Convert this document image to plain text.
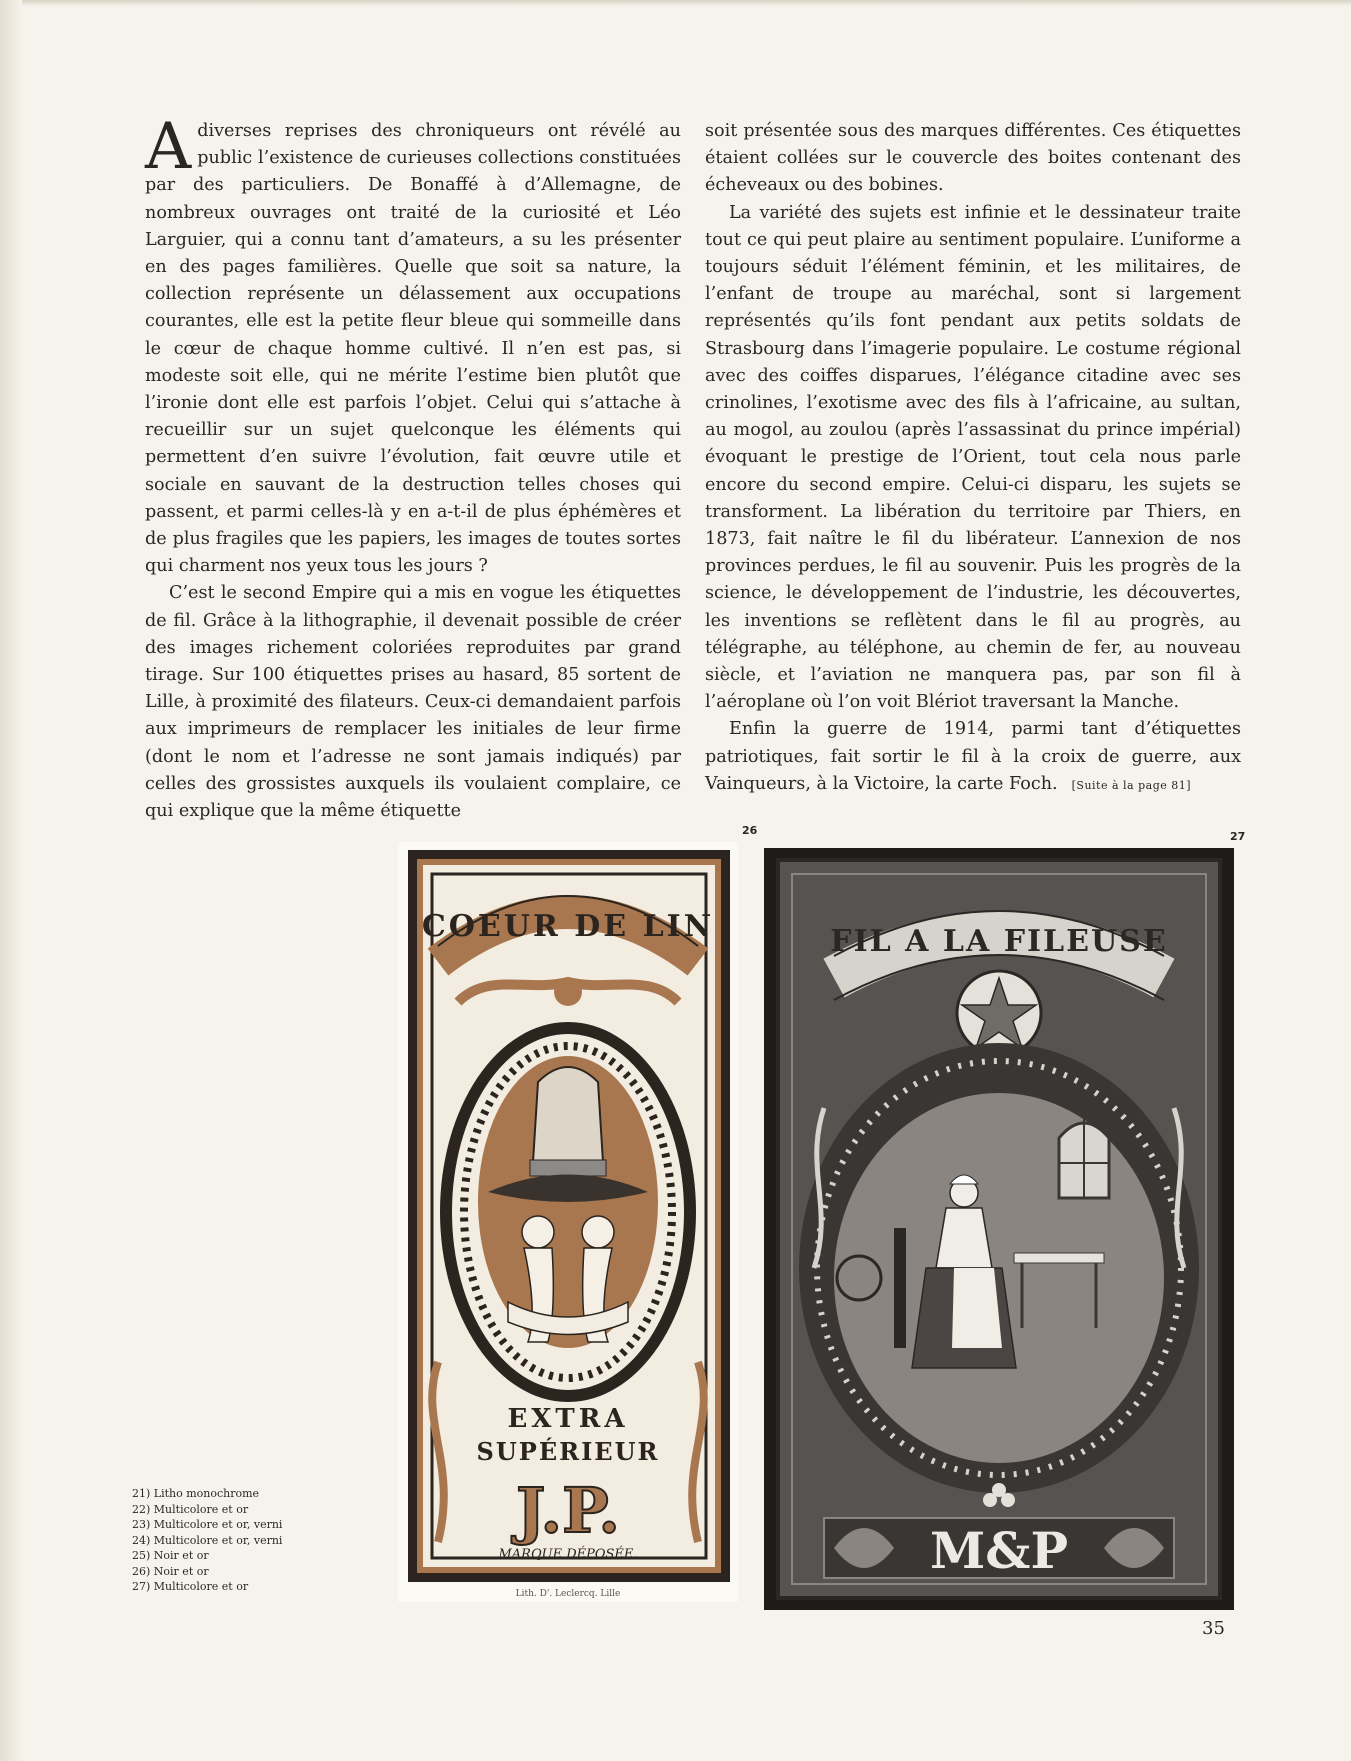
Adiverses reprises des chroniqueurs ont révélé au public l’existence de curieuses collections constituées par des particuliers. De Bonaffé à d’Allemagne, de nombreux ouvrages ont traité de la curiosité et Léo Larguier, qui a connu tant d’amateurs, a su les présenter en des pages familières. Quelle que soit sa nature, la collection représente un délassement aux occupations courantes, elle est la petite fleur bleue qui sommeille dans le cœur de chaque homme cultivé. Il n’en est pas, si modeste soit elle, qui ne mérite l’estime bien plutôt que l’ironie dont elle est parfois l’objet. Celui qui s’attache à recueillir sur un sujet quelconque les éléments qui permettent d’en suivre l’évolution, fait œuvre utile et sociale en sauvant de la destruction telles choses qui passent, et parmi celles-là y en a-t-il de plus éphémères et de plus fragiles que les papiers, les images de toutes sortes qui charment nos yeux tous les jours ?

C’est le second Empire qui a mis en vogue les étiquettes de fil. Grâce à la lithographie, il devenait possible de créer des images richement coloriées reproduites par grand tirage. Sur 100 étiquettes prises au hasard, 85 sortent de Lille, à proximité des filateurs. Ceux-ci demandaient parfois aux imprimeurs de remplacer les initiales de leur firme (dont le nom et l’adresse ne sont jamais indiqués) par celles des grossistes auxquels ils voulaient complaire, ce qui explique que la même étiquette

soit présentée sous des marques différentes. Ces étiquettes étaient collées sur le couvercle des boites contenant des écheveaux ou des bobines.

La variété des sujets est infinie et le dessinateur traite tout ce qui peut plaire au sentiment populaire. L’uniforme a toujours séduit l’élément féminin, et les militaires, de l’enfant de troupe au maréchal, sont si largement représentés qu’ils font pendant aux petits soldats de Strasbourg dans l’imagerie populaire. Le costume régional avec des coiffes disparues, l’élégance citadine avec ses crinolines, l’exotisme avec des fils à l’africaine, au sultan, au mogol, au zoulou (après l’assassinat du prince impérial) évoquant le prestige de l’Orient, tout cela nous parle encore du second empire. Celui-ci disparu, les sujets se transforment. La libération du territoire par Thiers, en 1873, fait naître le fil du libérateur. L’annexion de nos provinces perdues, le fil au souvenir. Puis les progrès de la science, le développement de l’industrie, les découvertes, les inventions se reflètent dans le fil au progrès, au télégraphe, au téléphone, au chemin de fer, au nouveau siècle, et l’aviation ne manquera pas, par son fil à l’aéroplane où l’on voit Blériot traversant la Manche.

Enfin la guerre de 1914, parmi tant d’étiquettes patriotiques, fait sortir le fil à la croix de guerre, aux Vainqueurs, à la Victoire, la carte Foch. [Suite à la page 81]

26	27
COEUR DE LIN
EXTRA
SUPÉRIEUR
J.P.
MARQUE DÉPOSÉE.
Lith. D'. Leclercq. Lille
FIL A LA FILEUSE
M&P
21) Litho monochrome
22) Multicolore et or
23) Multicolore et or, verni
24) Multicolore et or, verni
25) Noir et or
26) Noir et or
27) Multicolore et or
35
